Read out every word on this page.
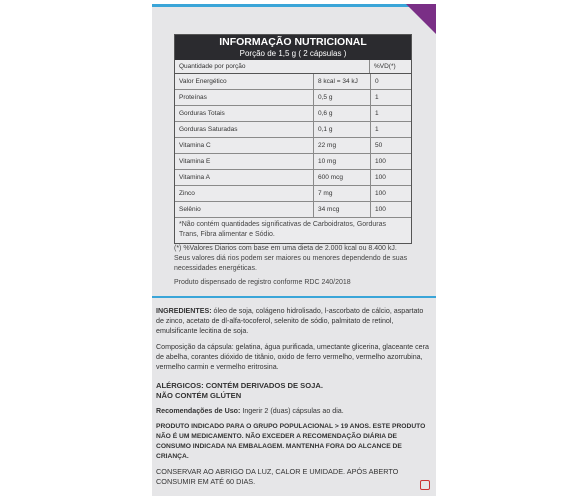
INFORMAÇÃO NUTRICIONAL
Porção de 1,5 g ( 2 cápsulas )
Quantidade por porção	%VD(*)
Valor Energético	8 kcal = 34 kJ	0
Proteínas	0,5 g	1
Gorduras Totais	0,6 g	1
Gorduras Saturadas	0,1 g	1
Vitamina C	22 mg	50
Vitamina E	10 mg	100
Vitamina A	600 mcg	100
Zinco	7 mg	100
Selênio	34 mcg	100
*Não contém quantidades significativas de Carboidratos, Gorduras Trans, Fibra alimentar e Sódio.
(*) %Valores Diarios com base em uma dieta de 2.000 kcal ou 8.400 kJ. Seus valores diá rios podem ser maiores ou menores dependendo de suas necessidades energéticas.
Produto dispensado de registro conforme RDC 240/2018
INGREDIENTES: óleo de soja, colágeno hidrolisado, l-ascorbato de cálcio, aspartato de zinco, acetato de dl-alfa-tocoferol, selenito de sódio, palmitato de retinol, emulsificante lecitina de soja.
Composição da cápsula: gelatina, água purificada, umectante glicerina, glaceante cera de abelha, corantes dióxido de titânio, oxido de ferro vermelho, vermelho azorrubina, vermelho carmin e vermelho eritrosina.
ALÉRGICOS: CONTÉM DERIVADOS DE SOJA.
NÃO CONTÉM GLÚTEN
Recomendações de Uso: Ingerir 2 (duas) cápsulas ao dia.
PRODUTO INDICADO PARA O GRUPO POPULACIONAL > 19 ANOS. ESTE PRODUTO NÃO É UM MEDICAMENTO. NÃO EXCEDER A RECOMENDAÇÃO DIÁRIA DE CONSUMO INDICADA NA EMBALAGEM. MANTENHA FORA DO ALCANCE DE CRIANÇA.
CONSERVAR AO ABRIGO DA LUZ, CALOR E UMIDADE. APÓS ABERTO CONSUMIR EM ATÉ 60 DIAS.
